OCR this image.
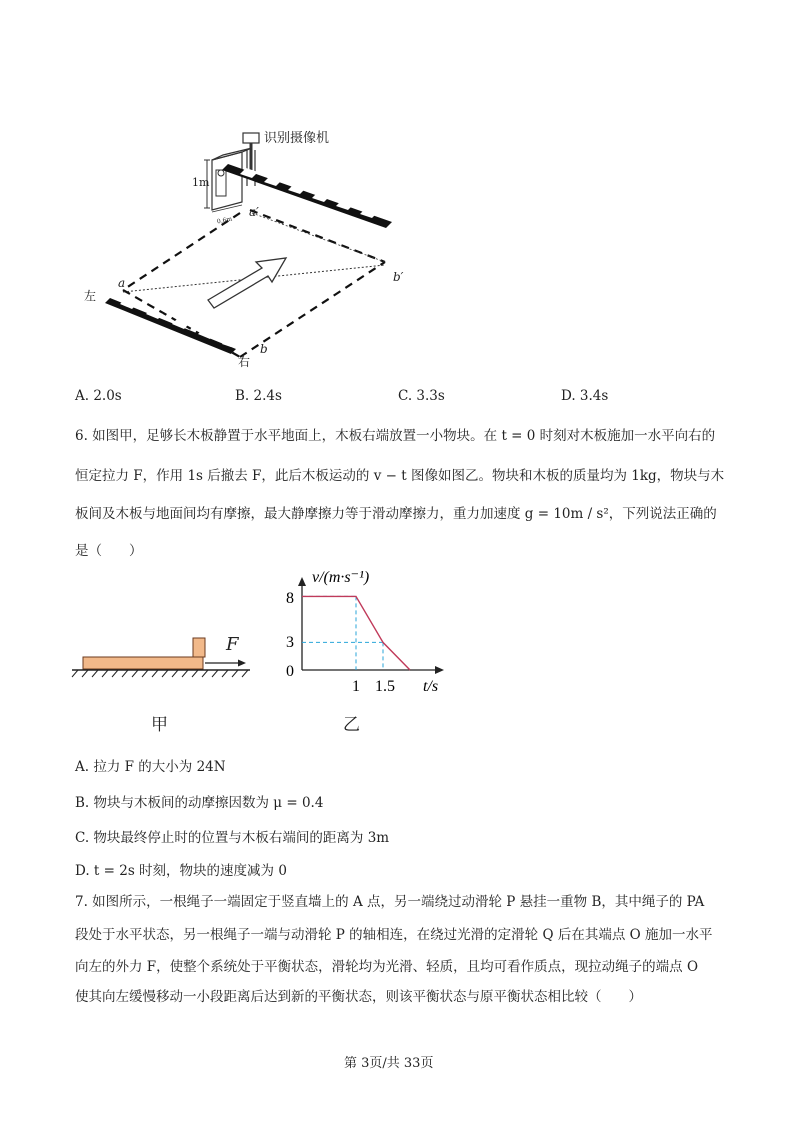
识别摄像机
1m
0.6m
左
右
a
a′
b
b′
A. 2.0s	B. 2.4s	C. 3.3s	D. 3.4s
6. 如图甲，足够长木板静置于水平地面上，木板右端放置一小物块。在 t = 0 时刻对木板施加一水平向右的
恒定拉力 F，作用 1s 后撤去 F，此后木板运动的 v − t 图像如图乙。物块和木板的质量均为 1kg，物块与木
板间及木板与地面间均有摩擦，最大静摩擦力等于滑动摩擦力，重力加速度 g = 10m / s²，下列说法正确的
是（　　）
F
甲
v/(m·s⁻¹)
t/s
0
1 1.5
3
8
乙
A. 拉力 F 的大小为 24N
B. 物块与木板间的动摩擦因数为 μ = 0.4
C. 物块最终停止时的位置与木板右端间的距离为 3m
D. t = 2s 时刻，物块的速度减为 0
7. 如图所示，一根绳子一端固定于竖直墙上的 A 点，另一端绕过动滑轮 P 悬挂一重物 B，其中绳子的 PA
段处于水平状态，另一根绳子一端与动滑轮 P 的轴相连，在绕过光滑的定滑轮 Q 后在其端点 O 施加一水平
向左的外力 F，使整个系统处于平衡状态，滑轮均为光滑、轻质，且均可看作质点，现拉动绳子的端点 O
使其向左缓慢移动一小段距离后达到新的平衡状态，则该平衡状态与原平衡状态相比较（　　）
第 3页/共 33页
